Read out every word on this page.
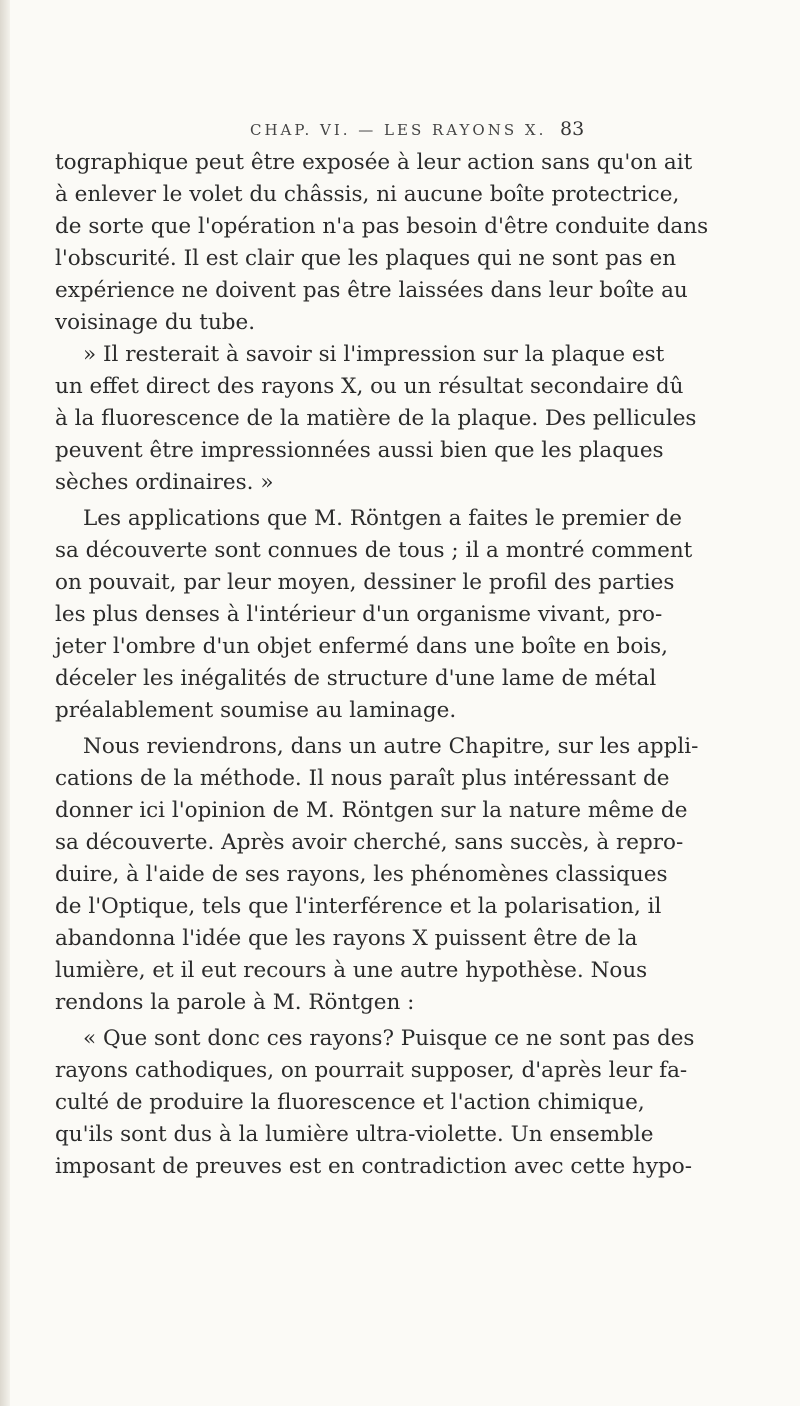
CHAP. VI. — LES RAYONS X. 83
tographique peut être exposée à leur action sans qu'on ait
à enlever le volet du châssis, ni aucune boîte protectrice,
de sorte que l'opération n'a pas besoin d'être conduite dans
l'obscurité. Il est clair que les plaques qui ne sont pas en
expérience ne doivent pas être laissées dans leur boîte au
voisinage du tube.
» Il resterait à savoir si l'impression sur la plaque est
un effet direct des rayons X, ou un résultat secondaire dû
à la fluorescence de la matière de la plaque. Des pellicules
peuvent être impressionnées aussi bien que les plaques
sèches ordinaires. »
Les applications que M. Röntgen a faites le premier de
sa découverte sont connues de tous ; il a montré comment
on pouvait, par leur moyen, dessiner le profil des parties
les plus denses à l'intérieur d'un organisme vivant, pro-
jeter l'ombre d'un objet enfermé dans une boîte en bois,
déceler les inégalités de structure d'une lame de métal
préalablement soumise au laminage.
Nous reviendrons, dans un autre Chapitre, sur les appli-
cations de la méthode. Il nous paraît plus intéressant de
donner ici l'opinion de M. Röntgen sur la nature même de
sa découverte. Après avoir cherché, sans succès, à repro-
duire, à l'aide de ses rayons, les phénomènes classiques
de l'Optique, tels que l'interférence et la polarisation, il
abandonna l'idée que les rayons X puissent être de la
lumière, et il eut recours à une autre hypothèse. Nous
rendons la parole à M. Röntgen :
« Que sont donc ces rayons? Puisque ce ne sont pas des
rayons cathodiques, on pourrait supposer, d'après leur fa-
culté de produire la fluorescence et l'action chimique,
qu'ils sont dus à la lumière ultra-violette. Un ensemble
imposant de preuves est en contradiction avec cette hypo-
